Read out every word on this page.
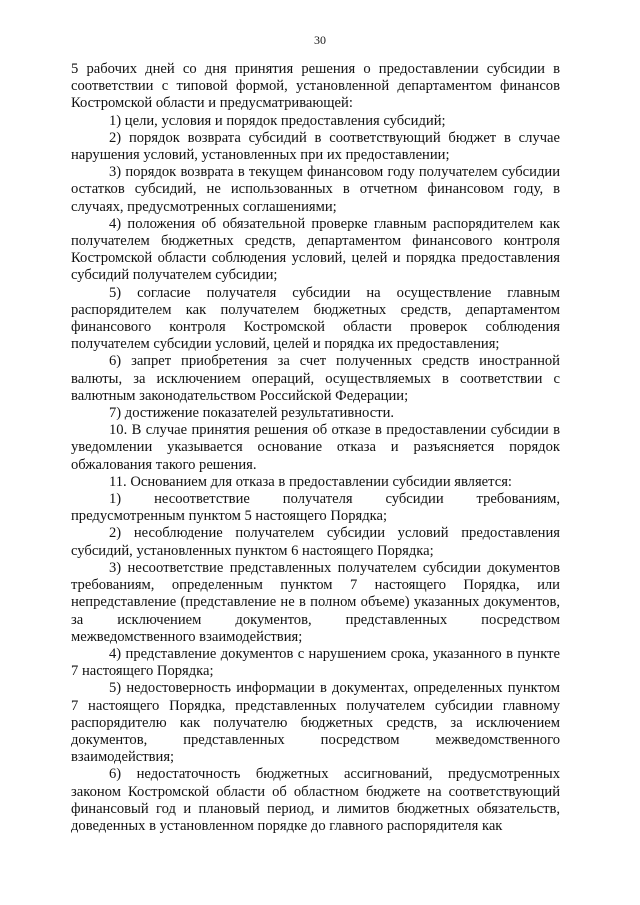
30

5 рабочих дней со дня принятия решения о предоставлении субсидии в соответствии с типовой формой, установленной департаментом финансов Костромской области и предусматривающей:

1) цели, условия и порядок предоставления субсидий;

2) порядок возврата субсидий в соответствующий бюджет в случае нарушения условий, установленных при их предоставлении;

3) порядок возврата в текущем финансовом году получателем субсидии остатков субсидий, не использованных в отчетном финансовом году, в случаях, предусмотренных соглашениями;

4) положения об обязательной проверке главным распорядителем как получателем бюджетных средств, департаментом финансового контроля Костромской области соблюдения условий, целей и порядка предоставления субсидий получателем субсидии;

5) согласие получателя субсидии на осуществление главным распорядителем как получателем бюджетных средств, департаментом финансового контроля Костромской области проверок соблюдения получателем субсидии условий, целей и порядка их предоставления;

6) запрет приобретения за счет полученных средств иностранной валюты, за исключением операций, осуществляемых в соответствии с валютным законодательством Российской Федерации;

7) достижение показателей результативности.

10. В случае принятия решения об отказе в предоставлении субсидии в уведомлении указывается основание отказа и разъясняется порядок обжалования такого решения.

11. Основанием для отказа в предоставлении субсидии является:

1) несоответствие получателя субсидии требованиям, предусмотренным пунктом 5 настоящего Порядка;

2) несоблюдение получателем субсидии условий предоставления субсидий, установленных пунктом 6 настоящего Порядка;

3) несоответствие представленных получателем субсидии документов требованиям, определенным пунктом 7 настоящего Порядка, или непредставление (представление не в полном объеме) указанных документов, за исключением документов, представленных посредством межведомственного взаимодействия;

4) представление документов с нарушением срока, указанного в пункте 7 настоящего Порядка;

5) недостоверность информации в документах, определенных пунктом 7 настоящего Порядка, представленных получателем субсидии главному распорядителю как получателю бюджетных средств, за исключением документов, представленных посредством межведомственного взаимодействия;

6) недостаточность бюджетных ассигнований, предусмотренных законом Костромской области об областном бюджете на соответствующий финансовый год и плановый период, и лимитов бюджетных обязательств, доведенных в установленном порядке до главного распорядителя как
